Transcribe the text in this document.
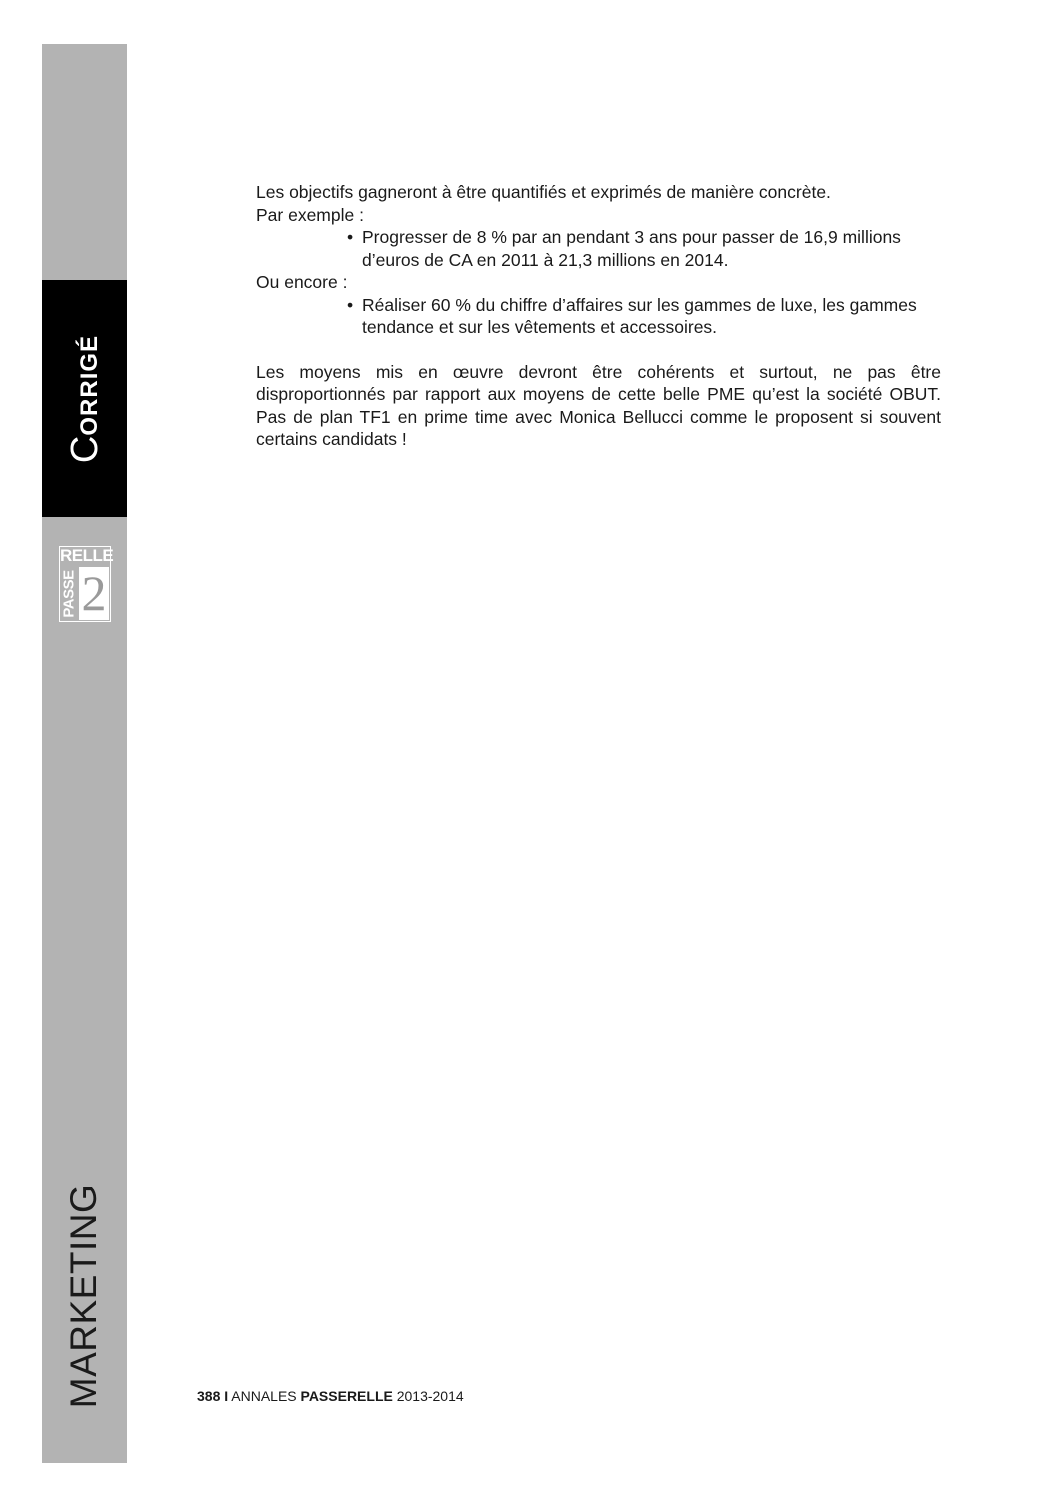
CORRIGÉ
RELLE
PASSE 2
MARKETING

Les objectifs gagneront à être quantifiés et exprimés de manière concrète.

Par exemple :

• Progresser de 8 % par an pendant 3 ans pour passer de 16,9 millions d’euros de CA en 2011 à 21,3 millions en 2014.

Ou encore :

• Réaliser 60 % du chiffre d’affaires sur les gammes de luxe, les gammes tendance et sur les vêtements et accessoires.

Les moyens mis en œuvre devront être cohérents et surtout, ne pas être disproportionnés par rapport aux moyens de cette belle PME qu’est la société OBUT. Pas de plan TF1 en prime time avec Monica Bellucci comme le proposent si souvent certains candidats !

388 I ANNALES PASSERELLE 2013-2014
